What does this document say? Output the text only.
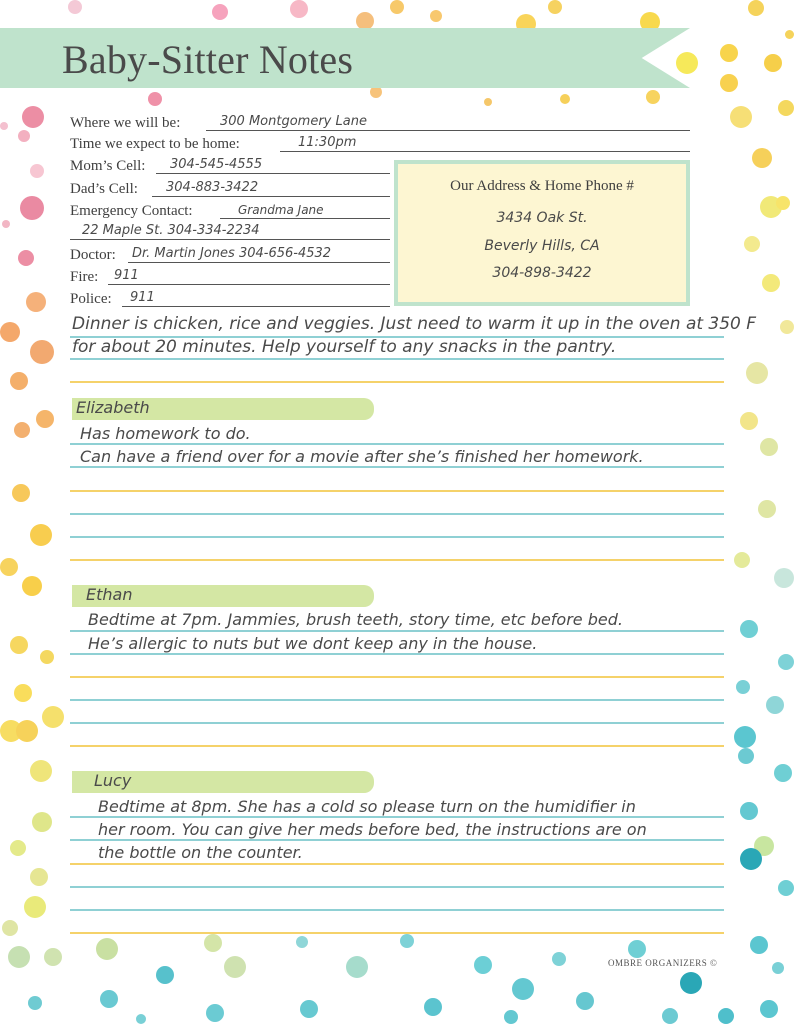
Baby-Sitter Notes
Where we will be:	300 Montgomery Lane
Time we expect to be home:	11:30pm
Mom’s Cell: 304-545-4555
Dad’s Cell: 304-883-3422
Emergency Contact:	Grandma Jane
22 Maple St. 304-334-2234
Doctor: Dr. Martin Jones 304-656-4532
Fire: 911
Police: 911
Our Address & Home Phone #
3434 Oak St.
Beverly Hills, CA
304-898-3422
Dinner is chicken, rice and veggies. Just need to warm it up in the oven at 350 F
for about 20 minutes. Help yourself to any snacks in the pantry.
Elizabeth
Has homework to do.
Can have a friend over for a movie after she’s finished her homework.
Ethan
Bedtime at 7pm. Jammies, brush teeth, story time, etc before bed.
He’s allergic to nuts but we dont keep any in the house.
Lucy
Bedtime at 8pm. She has a cold so please turn on the humidifier in
her room. You can give her meds before bed, the instructions are on
the bottle on the counter.
OMBRE ORGANIZERS ©
